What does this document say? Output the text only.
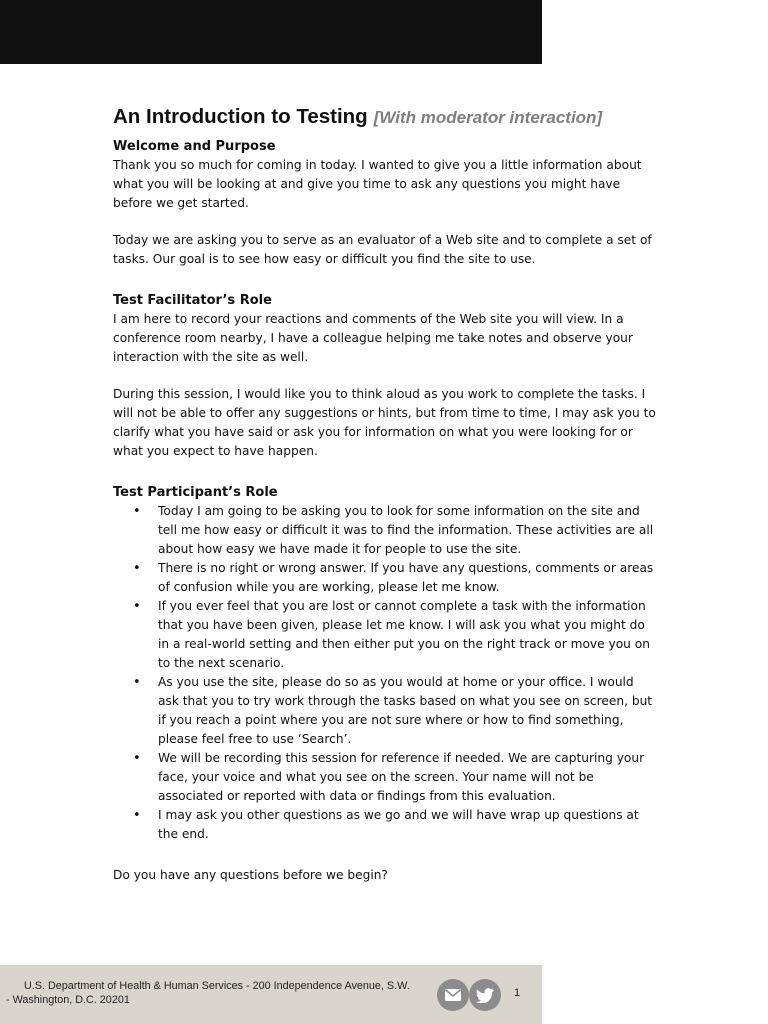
An Introduction to Testing [With moderator interaction]
Welcome and Purpose

Thank you so much for coming in today. I wanted to give you a little information about what you will be looking at and give you time to ask any questions you might have before we get started.

Today we are asking you to serve as an evaluator of a Web site and to complete a set of tasks. Our goal is to see how easy or difficult you find the site to use.

Test Facilitator’s Role

I am here to record your reactions and comments of the Web site you will view. In a conference room nearby, I have a colleague helping me take notes and observe your interaction with the site as well.

During this session, I would like you to think aloud as you work to complete the tasks. I will not be able to offer any suggestions or hints, but from time to time, I may ask you to clarify what you have said or ask you for information on what you were looking for or what you expect to have happen.

Test Participant’s Role
• Today I am going to be asking you to look for some information on the site and tell me how easy or difficult it was to find the information. These activities are all about how easy we have made it for people to use the site.
• There is no right or wrong answer. If you have any questions, comments or areas of confusion while you are working, please let me know.
• If you ever feel that you are lost or cannot complete a task with the information that you have been given, please let me know. I will ask you what you might do in a real-world setting and then either put you on the right track or move you on to the next scenario.
• As you use the site, please do so as you would at home or your office. I would ask that you to try work through the tasks based on what you see on screen, but if you reach a point where you are not sure where or how to find something, please feel free to use ‘Search’.
• We will be recording this session for reference if needed. We are capturing your face, your voice and what you see on the screen. Your name will not be associated or reported with data or findings from this evaluation.
• I may ask you other questions as we go and we will have wrap up questions at the end.

Do you have any questions before we begin?

U.S. Department of Health & Human Services - 200 Independence Avenue, S.W. - Washington, D.C. 20201
1
